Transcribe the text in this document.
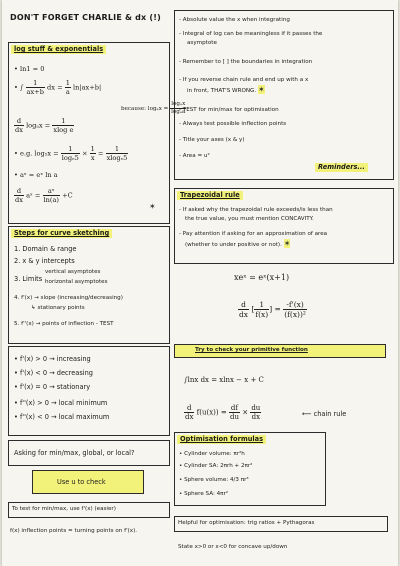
DON'T FORGET CHARLIE & dx (!)
log stuff & exponentials
• ln1 = 0
• ∫ $\frac{1}{ax+b}$ dx = $\frac{1}{a} \ln|ax+b|$
because: $\log_ax = \frac{\text{logₑx}}{\text{logₑa}}$
$\frac{d}{dx}$ $\log_ax = \frac{1}{\text{xlog e}}$
• e.g. $\log_5x = \frac{1}{\text{logₑ5}} \times \frac{1}{x} = \frac{1}{\text{xlogₑ5}}$
• aˣ = eˣ ln a
$\frac{d}{dx}$ aˣ = $\frac{\text{aˣ}}{\ln(a)} +C$
✶
Steps for curve sketching
1. Domain & range
2. x & y intercepts
3. Limits
vertical asymptotes
horizontal asymptotes
4. f'(x) → slope (increasing/decreasing)
↳ stationary points
5. f''(x) → points of inflection - TEST
• f'(x) > 0 → increasing
• f'(x) < 0 → decreasing
• f'(x) = 0 → stationary
• f''(x) > 0 → local minimum
• f''(x) < 0 → local maximum
Asking for min/max, global, or local?
Use u to check
To test for min/max, use f'(x) (easier)
f(x) inflection points = turning points on f'(x).
- Absolute value the x when integrating
- Integral of log can be meaningless if it passes the
asymptote
- Remember to [ ] the boundaries in integration
- If you reverse chain rule and end up with a x
in front, THAT'S WRONG. ✶
- TEST for min/max for optimisation
- Always test possible inflection points
- Title your axes (x & y)
- Area = u²
Reminders...
Trapezoidal rule
- If asked why the trapezoidal rule exceeds/is less than
the true value, you must mention CONCAVITY.
- Pay attention if asking for an approximation of area
(whether to under positive or not). ✶
xeˣ = eˣ(x+1)
$\frac{d}{dx}$ [ $\frac{1}{f(x)}$ ] = $\frac{-f'(x)}{\text{(f(x))²}}$
Try to check your primitive function
∫lnx dx = xlnx − x + C
$\frac{d}{dx} f(u(x)) = \frac{df}{du} \times \frac{du}{dx}$	⟵ chain rule
Optimisation formulas
• Cylinder volume: πr²h
• Cylinder SA: 2πrh + 2πr²
• Sphere volume: 4/3 πr³
• Sphere SA: 4πr²
Helpful for optimisation: trig ratios + Pythagoras
State x>0 or x<0 for concave up/down
